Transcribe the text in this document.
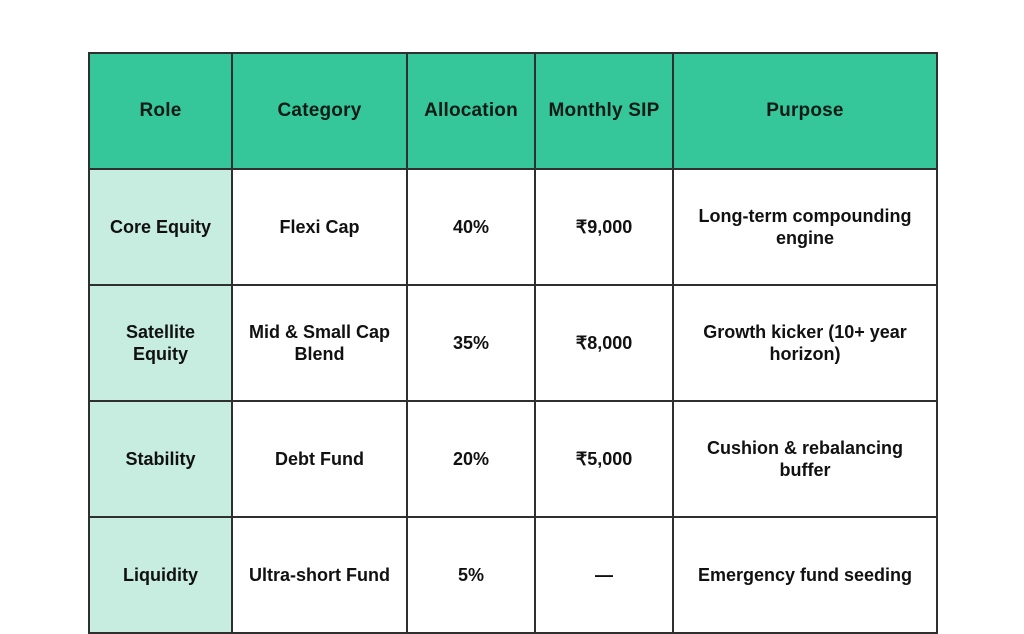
Role	Category	Allocation	Monthly SIP	Purpose
Core Equity	Flexi Cap	40%	₹9,000	Long-term compounding engine
Satellite Equity	Mid & Small Cap Blend	35%	₹8,000	Growth kicker (10+ year horizon)
Stability	Debt Fund	20%	₹5,000	Cushion & rebalancing buffer
Liquidity	Ultra-short Fund	5%	—	Emergency fund seeding
